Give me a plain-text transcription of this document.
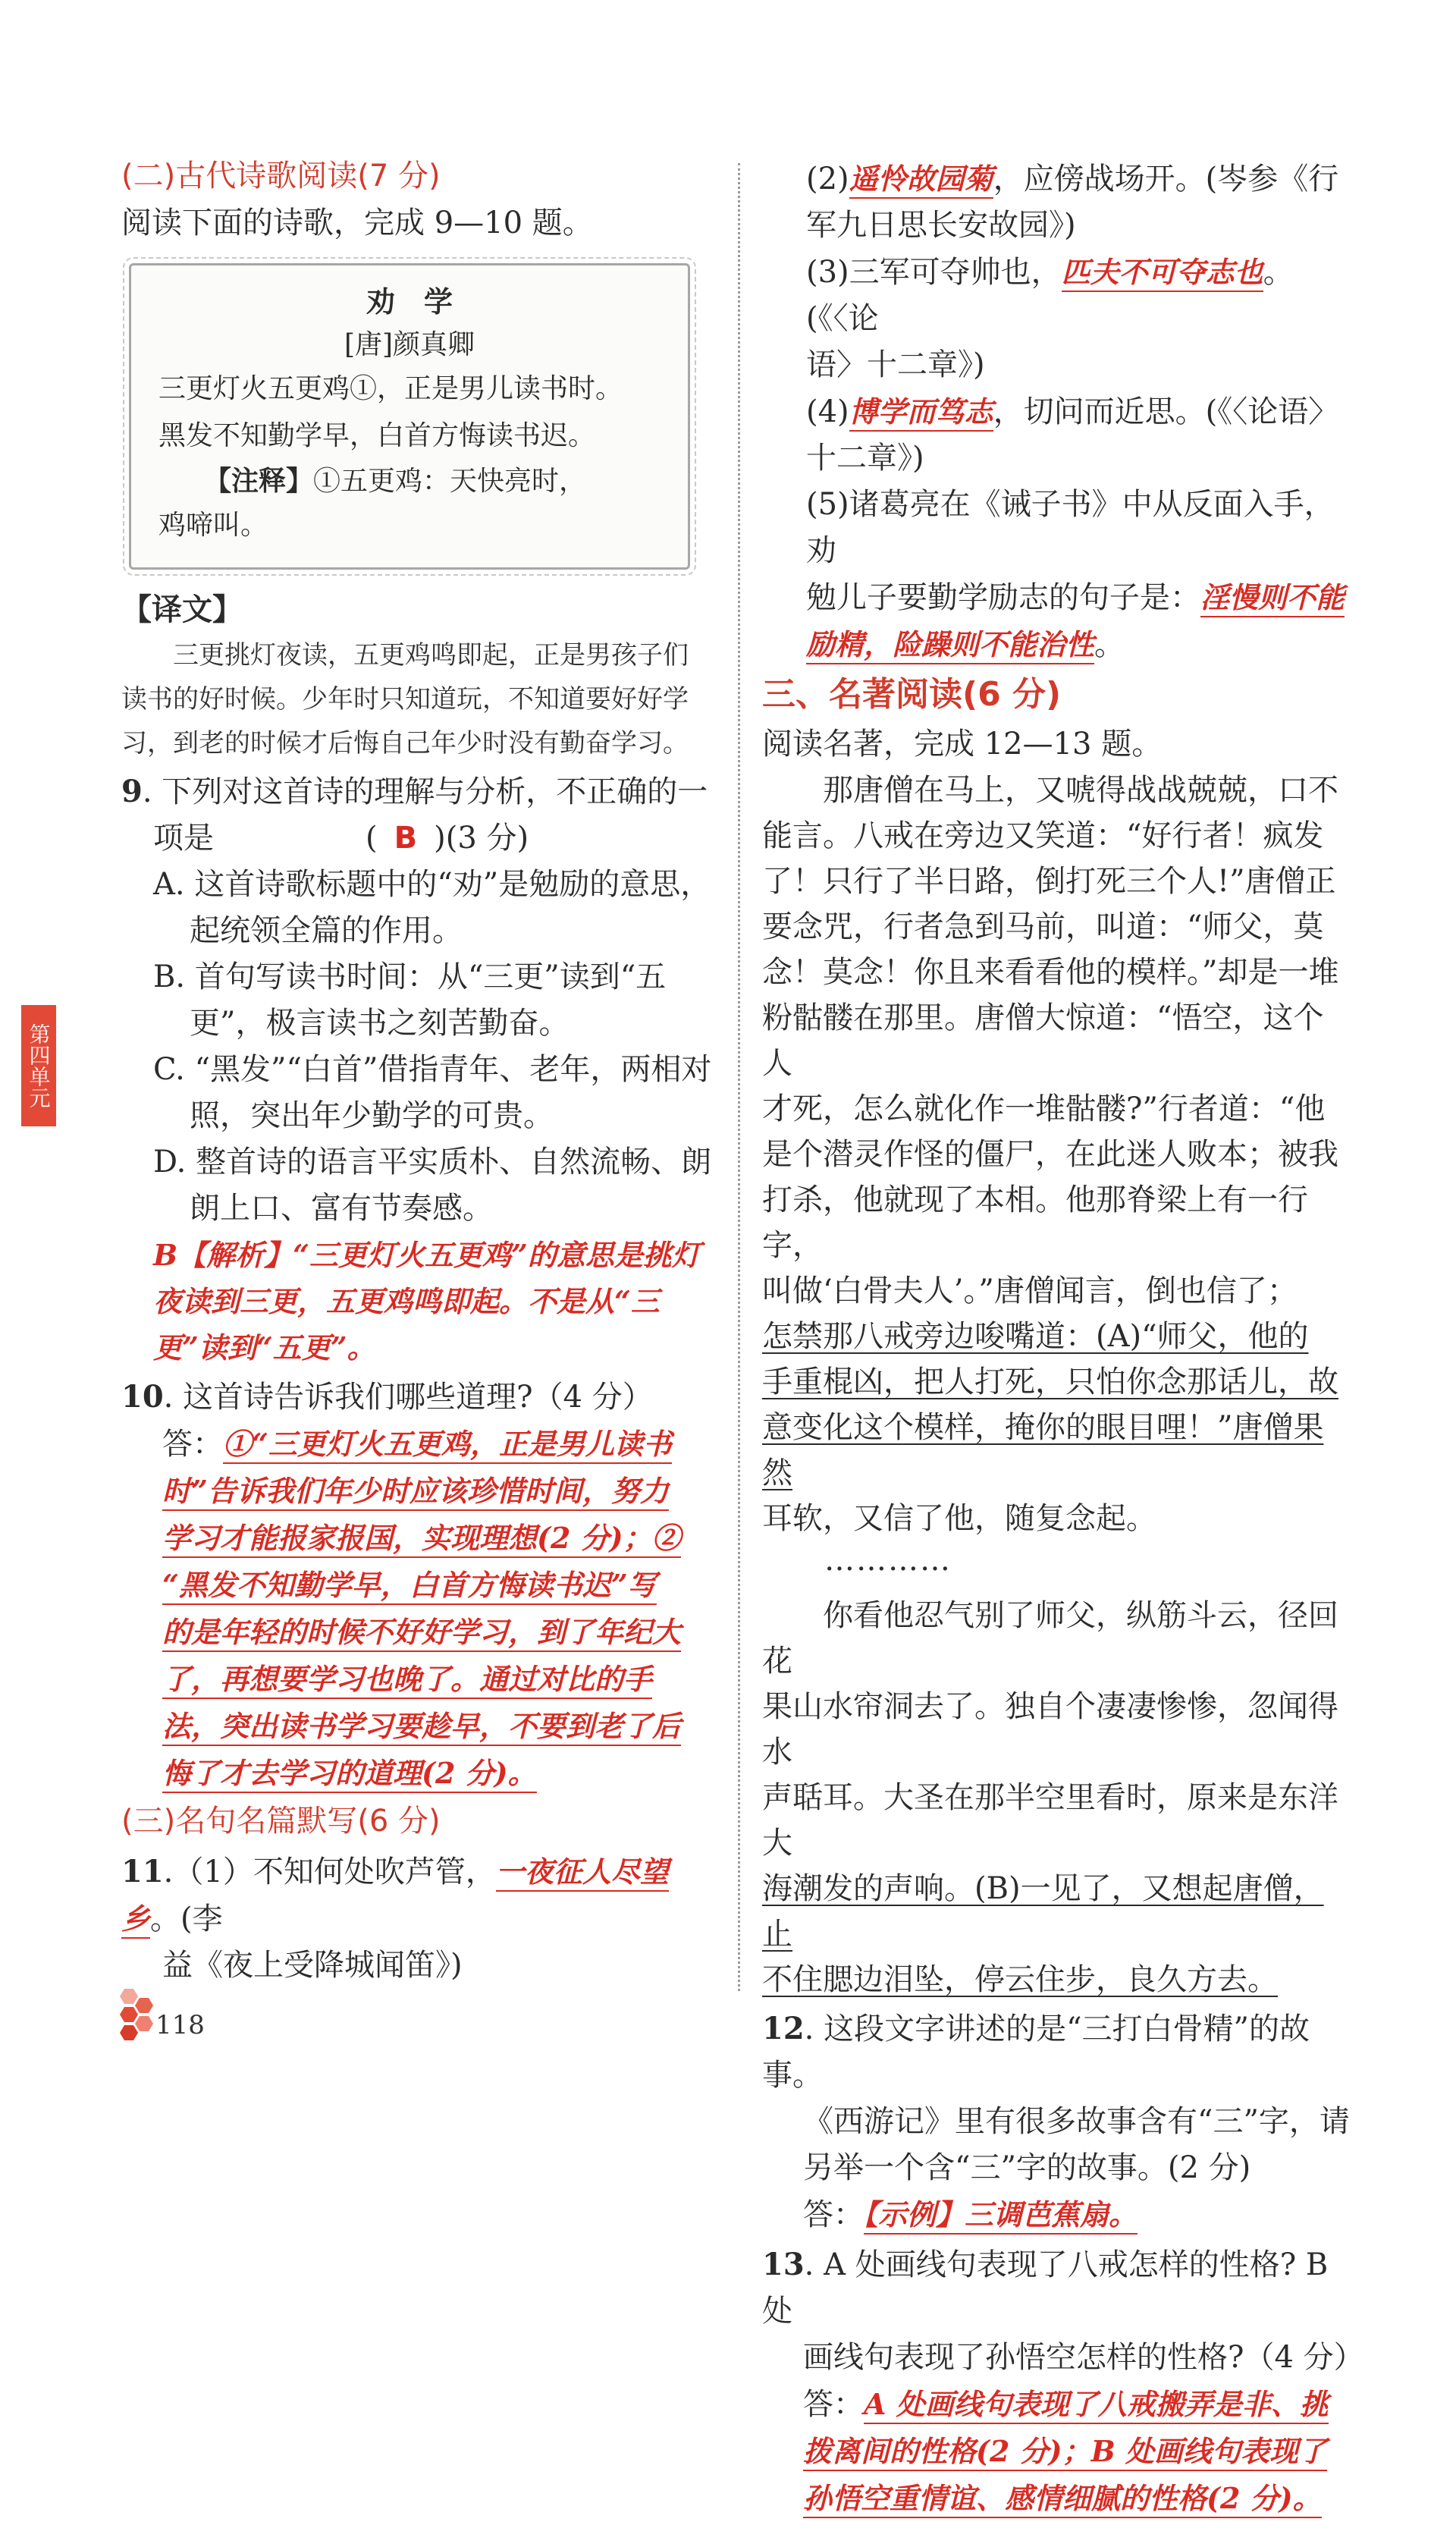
第四单元

(二)古代诗歌阅读(7 分)

阅读下面的诗歌，完成 9—10 题。

劝　学

[唐]颜真卿

三更灯火五更鸡①，正是男儿读书时。

黑发不知勤学早，白首方悔读书迟。

【注释】①五更鸡：天快亮时，

鸡啼叫。

【译文】

三更挑灯夜读，五更鸡鸣即起，正是男孩子们

读书的好时候。少年时只知道玩，不知道要好好学

习，到老的时候才后悔自己年少时没有勤奋学习。

9. 下列对这首诗的理解与分析，不正确的一

项是	( B )(3 分)

A. 这首诗歌标题中的“劝”是勉励的意思，

起统领全篇的作用。

B. 首句写读书时间：从“三更”读到“五

更”，极言读书之刻苦勤奋。

C. “黑发”“白首”借指青年、老年，两相对

照，突出年少勤学的可贵。

D. 整首诗的语言平实质朴、自然流畅、朗

朗上口、富有节奏感。

B【解析】“三更灯火五更鸡”的意思是挑灯

夜读到三更，五更鸡鸣即起。不是从“三

更”读到“五更”。

10. 这首诗告诉我们哪些道理?（4 分）

答：①“三更灯火五更鸡，正是男儿读书

时”告诉我们年少时应该珍惜时间，努力

学习才能报家报国，实现理想(2 分)；②

“黑发不知勤学早，白首方悔读书迟”写

的是年轻的时候不好好学习，到了年纪大

了，再想要学习也晚了。通过对比的手

法，突出读书学习要趁早，不要到老了后

悔了才去学习的道理(2 分)。

(三)名句名篇默写(6 分)

11.（1）不知何处吹芦管，一夜征人尽望乡。(李

益《夜上受降城闻笛》)

(2)遥怜故园菊，应傍战场开。(岑参《行

军九日思长安故园》)

(3)三军可夺帅也，匹夫不可夺志也。(《〈论

语〉十二章》)

(4)博学而笃志，切问而近思。(《〈论语〉

十二章》)

(5)诸葛亮在《诫子书》中从反面入手，劝

勉儿子要勤学励志的句子是：淫慢则不能

励精，险躁则不能治性。

三、名著阅读(6 分)

阅读名著，完成 12—13 题。

那唐僧在马上，又唬得战战兢兢，口不

能言。八戒在旁边又笑道：“好行者！疯发

了！只行了半日路，倒打死三个人!”唐僧正

要念咒，行者急到马前，叫道：“师父，莫

念！莫念！你且来看看他的模样。”却是一堆

粉骷髅在那里。唐僧大惊道：“悟空，这个人

才死，怎么就化作一堆骷髅?”行者道：“他

是个潜灵作怪的僵尸，在此迷人败本；被我

打杀，他就现了本相。他那脊梁上有一行字，

叫做‘白骨夫人’。”唐僧闻言，倒也信了；

怎禁那八戒旁边唆嘴道：(A)“师父，他的

手重棍凶，把人打死，只怕你念那话儿，故

意变化这个模样，掩你的眼目哩！”唐僧果然

耳软，又信了他，随复念起。

…………

你看他忍气别了师父，纵筋斗云，径回花

果山水帘洞去了。独自个凄凄惨惨，忽闻得水

声聒耳。大圣在那半空里看时，原来是东洋大

海潮发的声响。(B)一见了，又想起唐僧，止

不住腮边泪坠，停云住步，良久方去。

12. 这段文字讲述的是“三打白骨精”的故事。

《西游记》里有很多故事含有“三”字，请

另举一个含“三”字的故事。(2 分)

答：【示例】三调芭蕉扇。

13. A 处画线句表现了八戒怎样的性格? B 处

画线句表现了孙悟空怎样的性格?（4 分）

答：A 处画线句表现了八戒搬弄是非、挑

拨离间的性格(2 分)；B 处画线句表现了

孙悟空重情谊、感情细腻的性格(2 分)。

118
